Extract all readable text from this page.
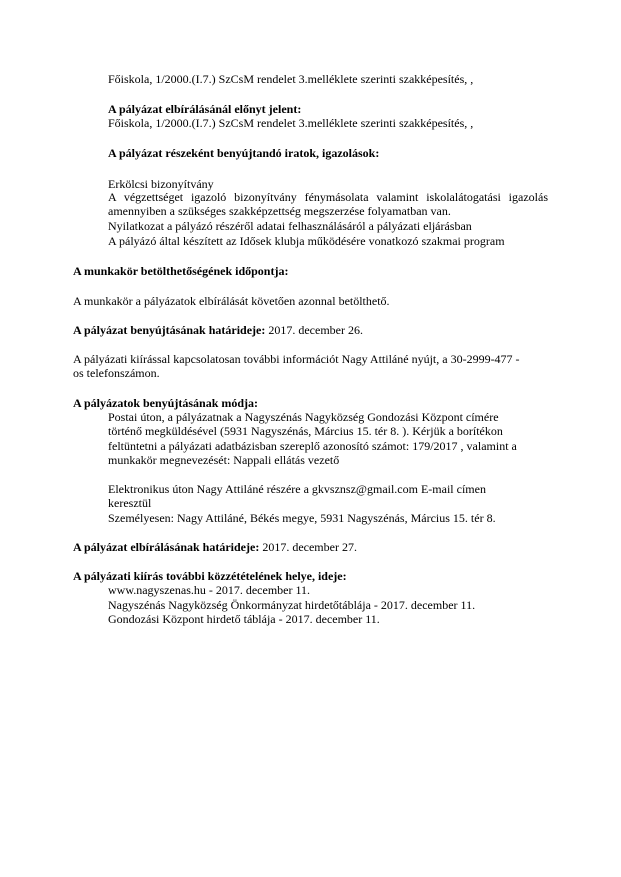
Főiskola, 1/2000.(I.7.) SzCsM rendelet 3.melléklete szerinti szakképesítés, ,

A pályázat elbírálásánál előnyt jelent:

Főiskola, 1/2000.(I.7.) SzCsM rendelet 3.melléklete szerinti szakképesítés, ,

A pályázat részeként benyújtandó iratok, igazolások:

Erkölcsi bizonyítvány

A végzettséget igazoló bizonyítvány fénymásolata valamint iskolalátogatási igazolás

amennyiben a szükséges szakképzettség megszerzése folyamatban van.

Nyilatkozat a pályázó részéről adatai felhasználásáról a pályázati eljárásban

A pályázó által készített az Idősek klubja működésére vonatkozó szakmai program

A munkakör betölthetőségének időpontja:

A munkakör a pályázatok elbírálását követően azonnal betölthető.

A pályázat benyújtásának határideje: 2017. december 26.

A pályázati kiírással kapcsolatosan további információt Nagy Attiláné nyújt, a 30-2999-477 -

os telefonszámon.

A pályázatok benyújtásának módja:

Postai úton, a pályázatnak a Nagyszénás Nagyközség Gondozási Központ címére

történő megküldésével (5931 Nagyszénás, Március 15. tér 8. ). Kérjük a borítékon

feltüntetni a pályázati adatbázisban szereplő azonosító számot: 179/2017 , valamint a

munkakör megnevezését: Nappali ellátás vezető

Elektronikus úton Nagy Attiláné részére a gkvsznsz@gmail.com E-mail címen

keresztül

Személyesen: Nagy Attiláné, Békés megye, 5931 Nagyszénás, Március 15. tér 8.

A pályázat elbírálásának határideje: 2017. december 27.

A pályázati kiírás további közzétételének helye, ideje:

www.nagyszenas.hu - 2017. december 11.

Nagyszénás Nagyközség Önkormányzat hirdetőtáblája - 2017. december 11.

Gondozási Központ hirdető táblája - 2017. december 11.
